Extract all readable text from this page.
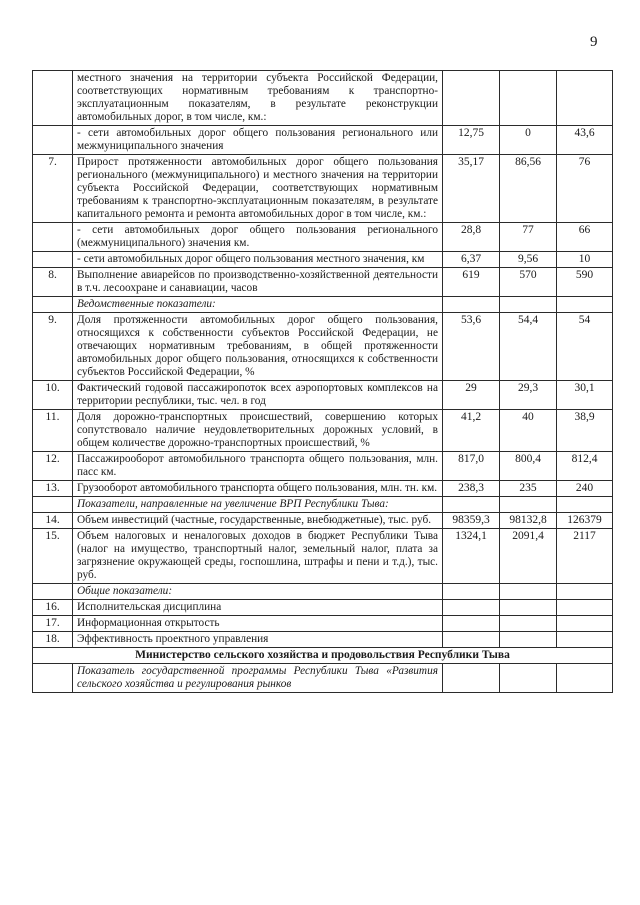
9
	местного значения на территории субъекта Российской Федерации, соответствующих нормативным требованиям к транспортно-эксплуатационным показателям, в результате реконструкции автомобильных дорог, в том числе, км.:			
	- сети автомобильных дорог общего пользования регионального или межмуниципального значения	12,75	0	43,6
7.	Прирост протяженности автомобильных дорог общего пользования регионального (межмуниципального) и местного значения на территории субъекта Российской Федерации, соответствующих нормативным требованиям к транспортно-эксплуатационным показателям, в результате капитального ремонта и ремонта автомобильных дорог в том числе, км.:	35,17	86,56	76
	- сети автомобильных дорог общего пользования регионального (межмуниципального) значения км.	28,8	77	66
	- сети автомобильных дорог общего пользования местного значения, км	6,37	9,56	10
8.	Выполнение авиарейсов по производственно-хозяйственной деятельности в т.ч. лесоохране и санавиации, часов	619	570	590
	Ведомственные показатели:			
9.	Доля протяженности автомобильных дорог общего пользования, относящихся к собственности субъектов Российской Федерации, не отвечающих нормативным требованиям, в общей протяженности автомобильных дорог общего пользования, относящихся к собственности субъектов Российской Федерации, %	53,6	54,4	54
10.	Фактический годовой пассажиропоток всех аэропортовых комплексов на территории республики, тыс. чел. в год	29	29,3	30,1
11.	Доля дорожно-транспортных происшествий, совершению которых сопутствовало наличие неудовлетворительных дорожных условий, в общем количестве дорожно-транспортных происшествий, %	41,2	40	38,9
12.	Пассажирооборот автомобильного транспорта общего пользования, млн. пасс км.	817,0	800,4	812,4
13.	Грузооборот автомобильного транспорта общего пользования, млн. тн. км.	238,3	235	240
	Показатели, направленные на увеличение ВРП Республики Тыва:			
14.	Объем инвестиций (частные, государственные, внебюджетные), тыс. руб.	98359,3	98132,8	126379
15.	Объем налоговых и неналоговых доходов в бюджет Республики Тыва (налог на имущество, транспортный налог, земельный налог, плата за загрязнение окружающей среды, госпошлина, штрафы и пени и т.д.), тыс. руб.	1324,1	2091,4	2117
	Общие показатели:			
16.	Исполнительская дисциплина			
17.	Информационная открытость			
18.	Эффективность проектного управления			
Министерство сельского хозяйства и продовольствия Республики Тыва				
	Показатель государственной программы Республики Тыва «Развития сельского хозяйства и регулирования рынков			
